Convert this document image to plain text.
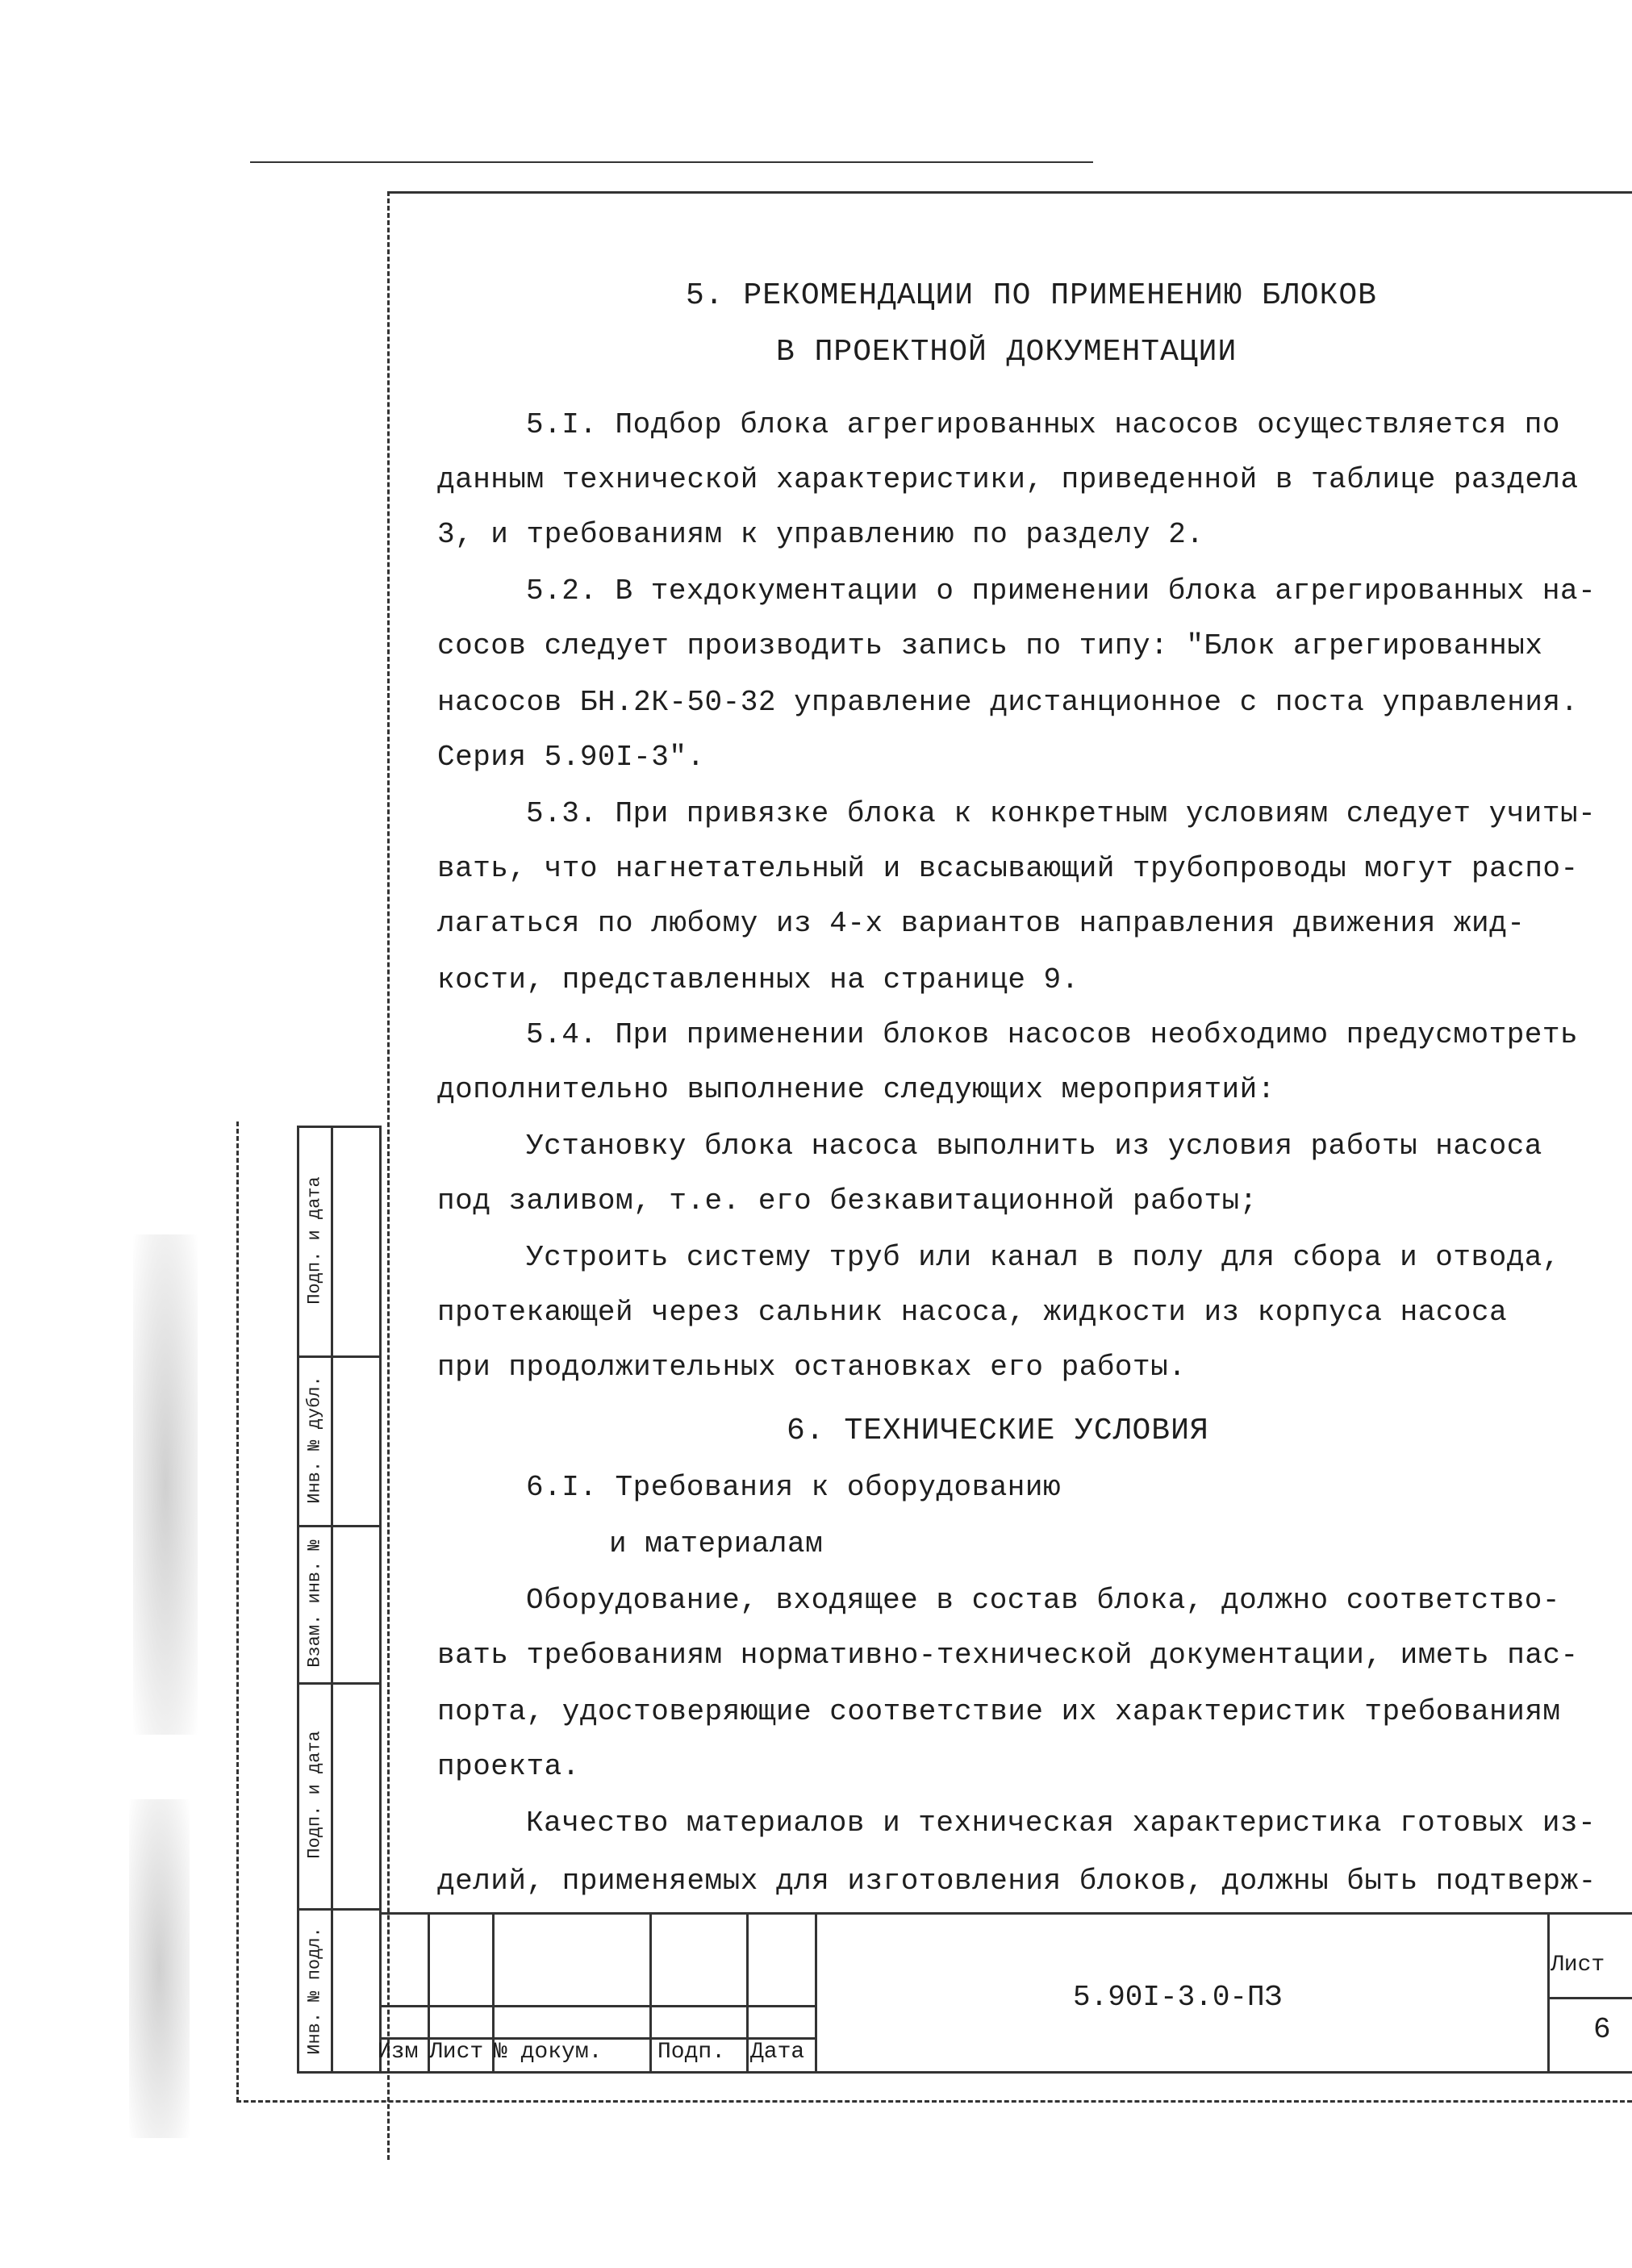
Подп. и дата
Инв. № дубл.
Взам. инв. №
Подп. и дата
Инв. № подл.
5. РЕКОМЕНДАЦИИ ПО ПРИМЕНЕНИЮ БЛОКОВ
В ПРОЕКТНОЙ ДОКУМЕНТАЦИИ
5.I. Подбор блока агрегированных насосов осуществляется по
данным технической характеристики, приведенной в таблице раздела
3, и требованиям к управлению по разделу 2.
5.2. В техдокументации о применении блока агрегированных на-
сосов следует производить запись по типу: "Блок агрегированных
насосов БН.2К-50-32 управление дистанционное с поста управления.
Серия 5.90I-3".
5.3. При привязке блока к конкретным условиям следует учиты-
вать, что нагнетательный и всасывающий трубопроводы могут распо-
лагаться по любому из 4-х вариантов направления движения жид-
кости, представленных на странице 9.
5.4. При применении блоков насосов необходимо предусмотреть
дополнительно выполнение следующих мероприятий:
Установку блока насоса выполнить из условия работы насоса
под заливом, т.е. его безкавитационной работы;
Устроить систему труб или канал в полу для сбора и отвода,
протекающей через сальник насоса, жидкости из корпуса насоса
при продолжительных остановках его работы.
6. ТЕХНИЧЕСКИЕ УСЛОВИЯ
6.I. Требования к оборудованию
и материалам
Оборудование, входящее в состав блока, должно соответство-
вать требованиям нормативно-технической документации, иметь пас-
порта, удостоверяющие соответствие их характеристик требованиям
проекта.
Качество материалов и техническая характеристика готовых из-
делий, применяемых для изготовления блоков, должны быть подтверж-
Изм Лист № докум. Подп. Дата
5.90I-3.0-ПЗ
Лист
6
